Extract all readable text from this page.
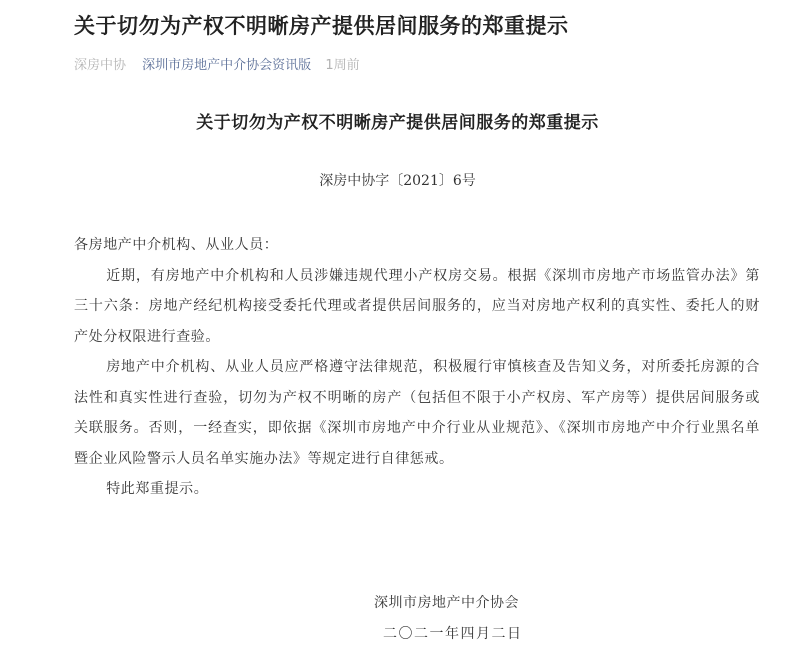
关于切勿为产权不明晰房产提供居间服务的郑重提示
深房中协 深圳市房地产中介协会资讯版 1周前
关于切勿为产权不明晰房产提供居间服务的郑重提示
深房中协字〔2021〕6号

各房地产中介机构、从业人员：

近期，有房地产中介机构和人员涉嫌违规代理小产权房交易。根据《深圳市房地产市场监管办法》第三十六条：房地产经纪机构接受委托代理或者提供居间服务的，应当对房地产权利的真实性、委托人的财产处分权限进行查验。

房地产中介机构、从业人员应严格遵守法律规范，积极履行审慎核查及告知义务，对所委托房源的合法性和真实性进行查验，切勿为产权不明晰的房产（包括但不限于小产权房、军产房等）提供居间服务或关联服务。否则，一经查实，即依据《深圳市房地产中介行业从业规范》、《深圳市房地产中介行业黑名单暨企业风险警示人员名单实施办法》等规定进行自律惩戒。

特此郑重提示。

深圳市房地产中介协会
二〇二一年四月二日
